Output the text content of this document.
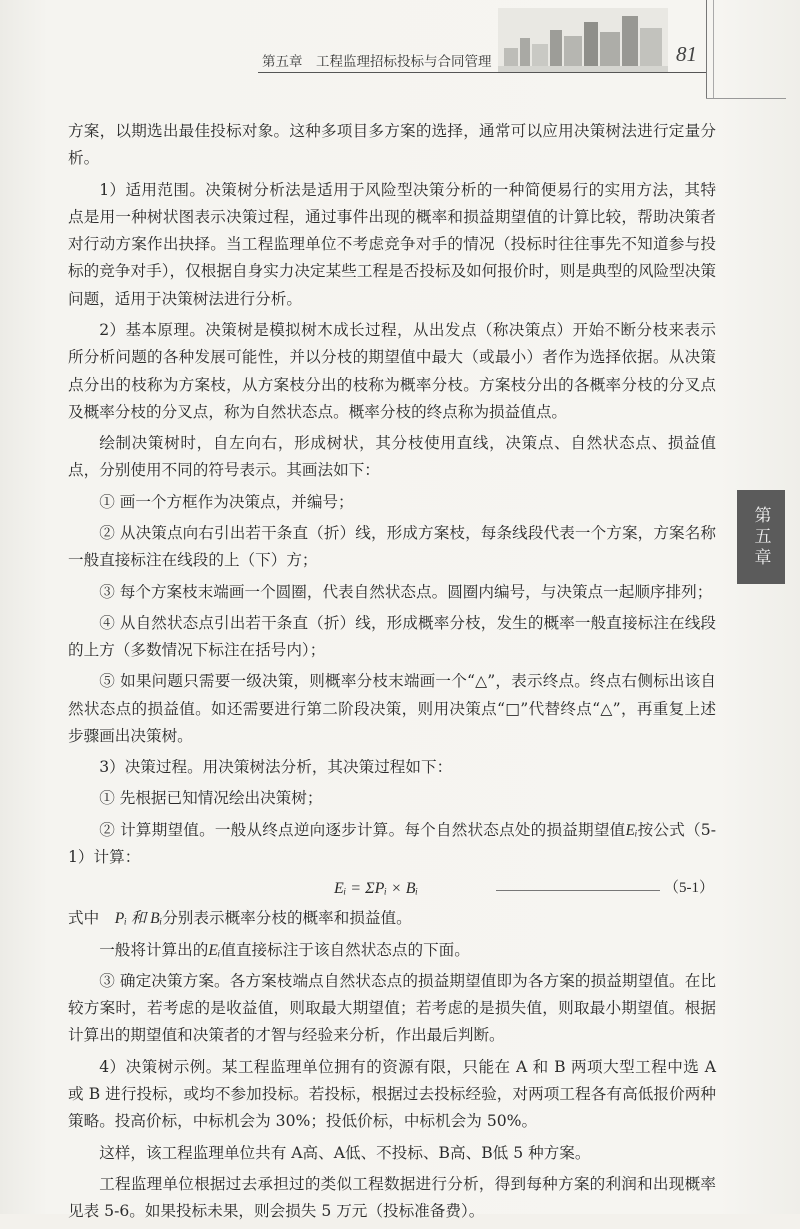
第五章　工程监理招标投标与合同管理	81
第五章

方案，以期选出最佳投标对象。这种多项目多方案的选择，通常可以应用决策树法进行定量分析。

1）适用范围。决策树分析法是适用于风险型决策分析的一种简便易行的实用方法，其特点是用一种树状图表示决策过程，通过事件出现的概率和损益期望值的计算比较，帮助决策者对行动方案作出抉择。当工程监理单位不考虑竞争对手的情况（投标时往往事先不知道参与投标的竞争对手），仅根据自身实力决定某些工程是否投标及如何报价时，则是典型的风险型决策问题，适用于决策树法进行分析。

2）基本原理。决策树是模拟树木成长过程，从出发点（称决策点）开始不断分枝来表示所分析问题的各种发展可能性，并以分枝的期望值中最大（或最小）者作为选择依据。从决策点分出的枝称为方案枝，从方案枝分出的枝称为概率分枝。方案枝分出的各概率分枝的分叉点及概率分枝的分叉点，称为自然状态点。概率分枝的终点称为损益值点。

绘制决策树时，自左向右，形成树状，其分枝使用直线，决策点、自然状态点、损益值点，分别使用不同的符号表示。其画法如下：

① 画一个方框作为决策点，并编号；

② 从决策点向右引出若干条直（折）线，形成方案枝，每条线段代表一个方案，方案名称一般直接标注在线段的上（下）方；

③ 每个方案枝末端画一个圆圈，代表自然状态点。圆圈内编号，与决策点一起顺序排列；

④ 从自然状态点引出若干条直（折）线，形成概率分枝，发生的概率一般直接标注在线段的上方（多数情况下标注在括号内）；

⑤ 如果问题只需要一级决策，则概率分枝末端画一个“△”，表示终点。终点右侧标出该自然状态点的损益值。如还需要进行第二阶段决策，则用决策点“□”代替终点“△”，再重复上述步骤画出决策树。

3）决策过程。用决策树法分析，其决策过程如下：

① 先根据已知情况绘出决策树；

② 计算期望值。一般从终点逆向逐步计算。每个自然状态点处的损益期望值Eᵢ按公式（5-1）计算：

Eᵢ = ΣPᵢ × Bᵢ	（5-1）

式中　Pᵢ 和 Bᵢ分别表示概率分枝的概率和损益值。

一般将计算出的Eᵢ值直接标注于该自然状态点的下面。

③ 确定决策方案。各方案枝端点自然状态点的损益期望值即为各方案的损益期望值。在比较方案时，若考虑的是收益值，则取最大期望值；若考虑的是损失值，则取最小期望值。根据计算出的期望值和决策者的才智与经验来分析，作出最后判断。

4）决策树示例。某工程监理单位拥有的资源有限，只能在 A 和 B 两项大型工程中选 A 或 B 进行投标，或均不参加投标。若投标，根据过去投标经验，对两项工程各有高低报价两种策略。投高价标，中标机会为 30%；投低价标，中标机会为 50%。

这样，该工程监理单位共有 A高、A低、不投标、B高、B低 5 种方案。

工程监理单位根据过去承担过的类似工程数据进行分析，得到每种方案的利润和出现概率见表 5-6。如果投标未果，则会损失 5 万元（投标准备费）。
